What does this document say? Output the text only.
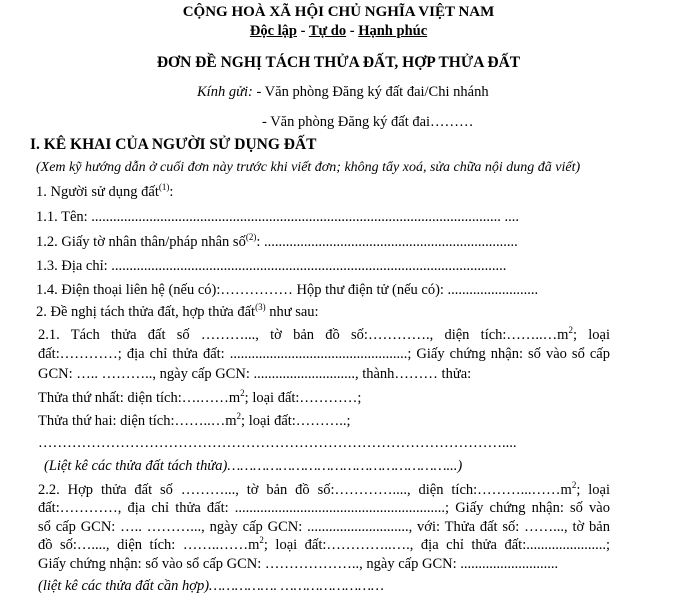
CỘNG HOÀ XÃ HỘI CHỦ NGHĨA VIỆT NAM
Độc lập - Tự do - Hạnh phúc
ĐƠN ĐỀ NGHỊ TÁCH THỬA ĐẤT, HỢP THỬA ĐẤT
Kính gửi: - Văn phòng Đăng ký đất đai/Chi nhánh
- Văn phòng Đăng ký đất đai………
I. KÊ KHAI CỦA NGƯỜI SỬ DỤNG ĐẤT
(Xem kỹ hướng dẫn ở cuối đơn này trước khi viết đơn; không tẩy xoá, sửa chữa nội dung đã viết)
1. Người sử dụng đất$^{(1)}$:
1.1. Tên: ................................................................................................................. ....
1.2. Giấy tờ nhân thân/pháp nhân số$^{(2)}$: ......................................................................
1.3. Địa chỉ: .............................................................................................................
1.4. Điện thoại liên hệ (nếu có):…………… Hộp thư điện tử (nếu có): .........................
2. Đề nghị tách thửa đất, hợp thửa đất$^{(3)}$ như sau:
2.1. Tách thửa đất số ………..., tờ bản đồ số:…………., diện $tích:\dots\dots..\dots m^2$; loại
đất:…………; địa chỉ thửa đất: .................................................; Giấy chứng nhận: số vào sổ cấp
GCN: ….. ……….., ngày cấp GCN: ............................, thành……… thửa:
Thửa thứ nhất: diện $tích:\dots.\dots\dots m^2$; loại đất:…………;
Thửa thứ hai: diện $tích:\dots\dots..\dots m^2$; loại đất:………..;
……………………………………………………………………………………....
(Liệt kê các thửa đất tách thửa)……………………………………………...)
2.2. Hợp thửa đất số ………..., tờ bản đồ số:…………...., diện $tích:\dots\dots\dots...\dots\dots m^2$; loại
đất:…………, địa chỉ thửa đất: ..........................................................; Giấy chứng nhận: số vào
sổ cấp GCN: ….. ………..., ngày cấp GCN: ............................, với: Thửa đất số: ……..., tờ bản
đồ số:…...., diện tích: $\dots\dots..\dots\dots m^2$; loại đất:…………..…., địa chỉ thửa đất:......................;
Giấy chứng nhận: số vào sổ cấp GCN: ……………….., ngày cấp GCN: ...........................
(liệt kê các thửa đất cần hợp)……………. ……………………
